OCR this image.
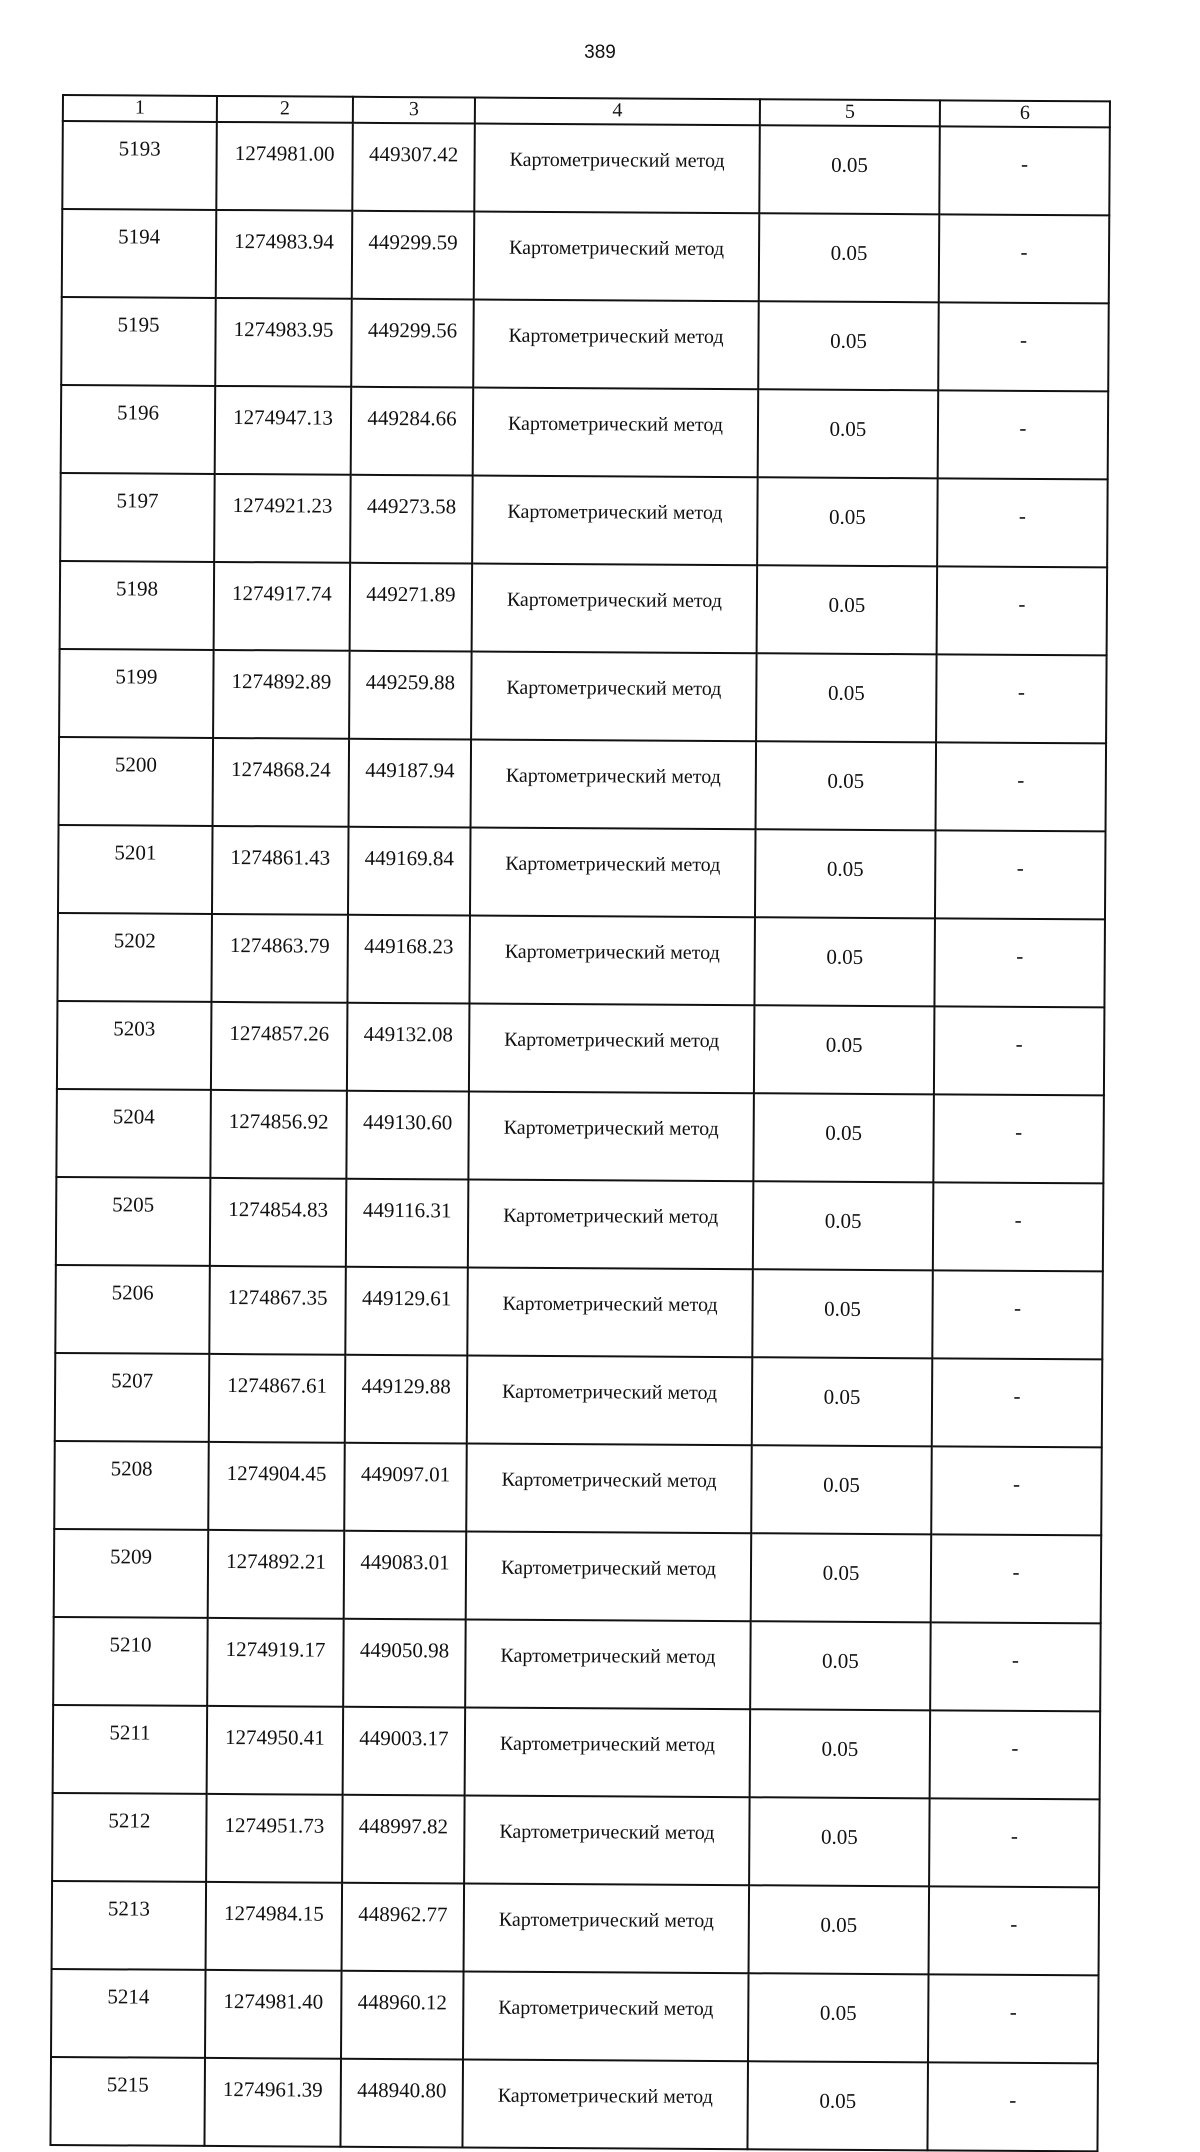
389
1	2	3	4	5	6
5193	1274981.00	449307.42	Картометрический метод	0.05	-
5194	1274983.94	449299.59	Картометрический метод	0.05	-
5195	1274983.95	449299.56	Картометрический метод	0.05	-
5196	1274947.13	449284.66	Картометрический метод	0.05	-
5197	1274921.23	449273.58	Картометрический метод	0.05	-
5198	1274917.74	449271.89	Картометрический метод	0.05	-
5199	1274892.89	449259.88	Картометрический метод	0.05	-
5200	1274868.24	449187.94	Картометрический метод	0.05	-
5201	1274861.43	449169.84	Картометрический метод	0.05	-
5202	1274863.79	449168.23	Картометрический метод	0.05	-
5203	1274857.26	449132.08	Картометрический метод	0.05	-
5204	1274856.92	449130.60	Картометрический метод	0.05	-
5205	1274854.83	449116.31	Картометрический метод	0.05	-
5206	1274867.35	449129.61	Картометрический метод	0.05	-
5207	1274867.61	449129.88	Картометрический метод	0.05	-
5208	1274904.45	449097.01	Картометрический метод	0.05	-
5209	1274892.21	449083.01	Картометрический метод	0.05	-
5210	1274919.17	449050.98	Картометрический метод	0.05	-
5211	1274950.41	449003.17	Картометрический метод	0.05	-
5212	1274951.73	448997.82	Картометрический метод	0.05	-
5213	1274984.15	448962.77	Картометрический метод	0.05	-
5214	1274981.40	448960.12	Картометрический метод	0.05	-
5215	1274961.39	448940.80	Картометрический метод	0.05	-
